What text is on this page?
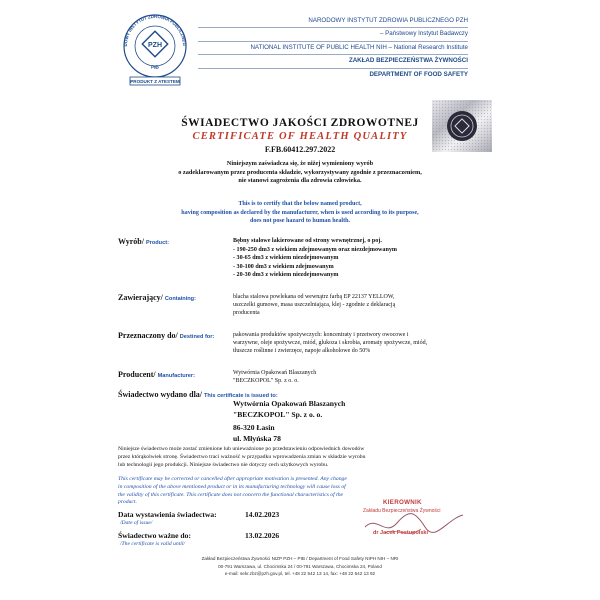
DOWY INSTYTUT ZDROWIA PUBLICZNEG
PIB
PZH
PRODUKT Z ATESTEM
NARODOWY INSTYTUT ZDROWIA PUBLICZNEGO PZH
– Państwowy Instytut Badawczy
NATIONAL INSTITUTE OF PUBLIC HEALTH NIH – National Research Institute
ZAKŁAD BEZPIECZEŃSTWA ŻYWNOŚCI
DEPARTMENT OF FOOD SAFETY
ŚWIADECTWO JAKOŚCI ZDROWOTNEJ
CERTIFICATE OF HEALTH QUALITY
F.FB.60412.297.2022
Niniejszym zaświadcza się, że niżej wymieniony wyrób
o zadeklarowanym przez producenta składzie, wykorzystywany zgodnie z przeznaczeniem,
nie stanowi zagrożenia dla zdrowia człowieka.
This is to certify that the below named product,
having composition as declared by the manufacturer, when is used according to its purpose,
does not pose hazard to human health.
Wyrób/ Product:	Bębny stalowe lakierowane od strony wewnętrznej, o poj.
- 190-250 dm3 z wiekiem zdejmowanym oraz niezdejmowanym
- 30-65 dm3 z wiekiem niezdejmowanym
- 30-100 dm3 z wiekiem zdejmowanym
- 20-30 dm3 z wiekiem niezdejmowanym
Zawierający/ Containing:	blacha stalowa powlekana od wewnątrz farbą EP 22137 YELLOW,
uszczelki gumowe, masa uszczelniająca, klej - zgodnie z deklaracją
producenta
Przeznaczony do/ Destined for:	pakowania produktów spożywczych: koncentraty i przetwory owocowe i
warzywne, oleje spożywcze, miód, glukoza i skrobia, aromaty spożywcze, miód,
tłuszcze roślinne i zwierzęce, napoje alkoholowe do 50%
Producent/ Manufacturer:	Wytwórnia Opakowań Blaszanych
"BECZKOPOL" Sp. z o. o.
Świadectwo wydano dla/ This certificate is issued to:
Wytwórnia Opakowań Blaszanych
"BECZKOPOL" Sp. z o. o.
86-320 Łasin
ul. Młyńska 78
Niniejsze świadectwo może zostać zmienione lub unieważnione po przedstawieniu odpowiednich dowodów
przez którąkolwiek stronę. Świadectwo traci ważność w przypadku wprowadzenia zmian w składzie wyrobu
lub technologii jego produkcji. Niniejsze świadectwo nie dotyczy cech użytkowych wyrobu.
This certificate may be corrected or cancelled after appropriate motivation is presented. Any change
in composition of the above mentioned product or in its manufacturing technology will cause loss of
the validity of this certificate. This certificate does not concern the functional characteristics of the
product.	KIEROWNIK
Zakładu Bezpieczeństwa Żywności
dr Jacek Postupolski
Data wystawienia świadectwa:	14.02.2023
/Date of issue/
Świadectwo ważne do:	13.02.2026
/The certificate is valid until/
Zakład Bezpieczeństwa Żywności NIZP PZH – PIB / Department of Food Safety NIPH NIH – NRI
00-791 Warszawa, ul. Chocimska 24 / 00-791 Warszawa, Chocimska 24, Poland
e-mail: sekr.zbz@pzh.gov.pl, tel. +48 22 542 13 14, fax: +48 22 542 13 92
